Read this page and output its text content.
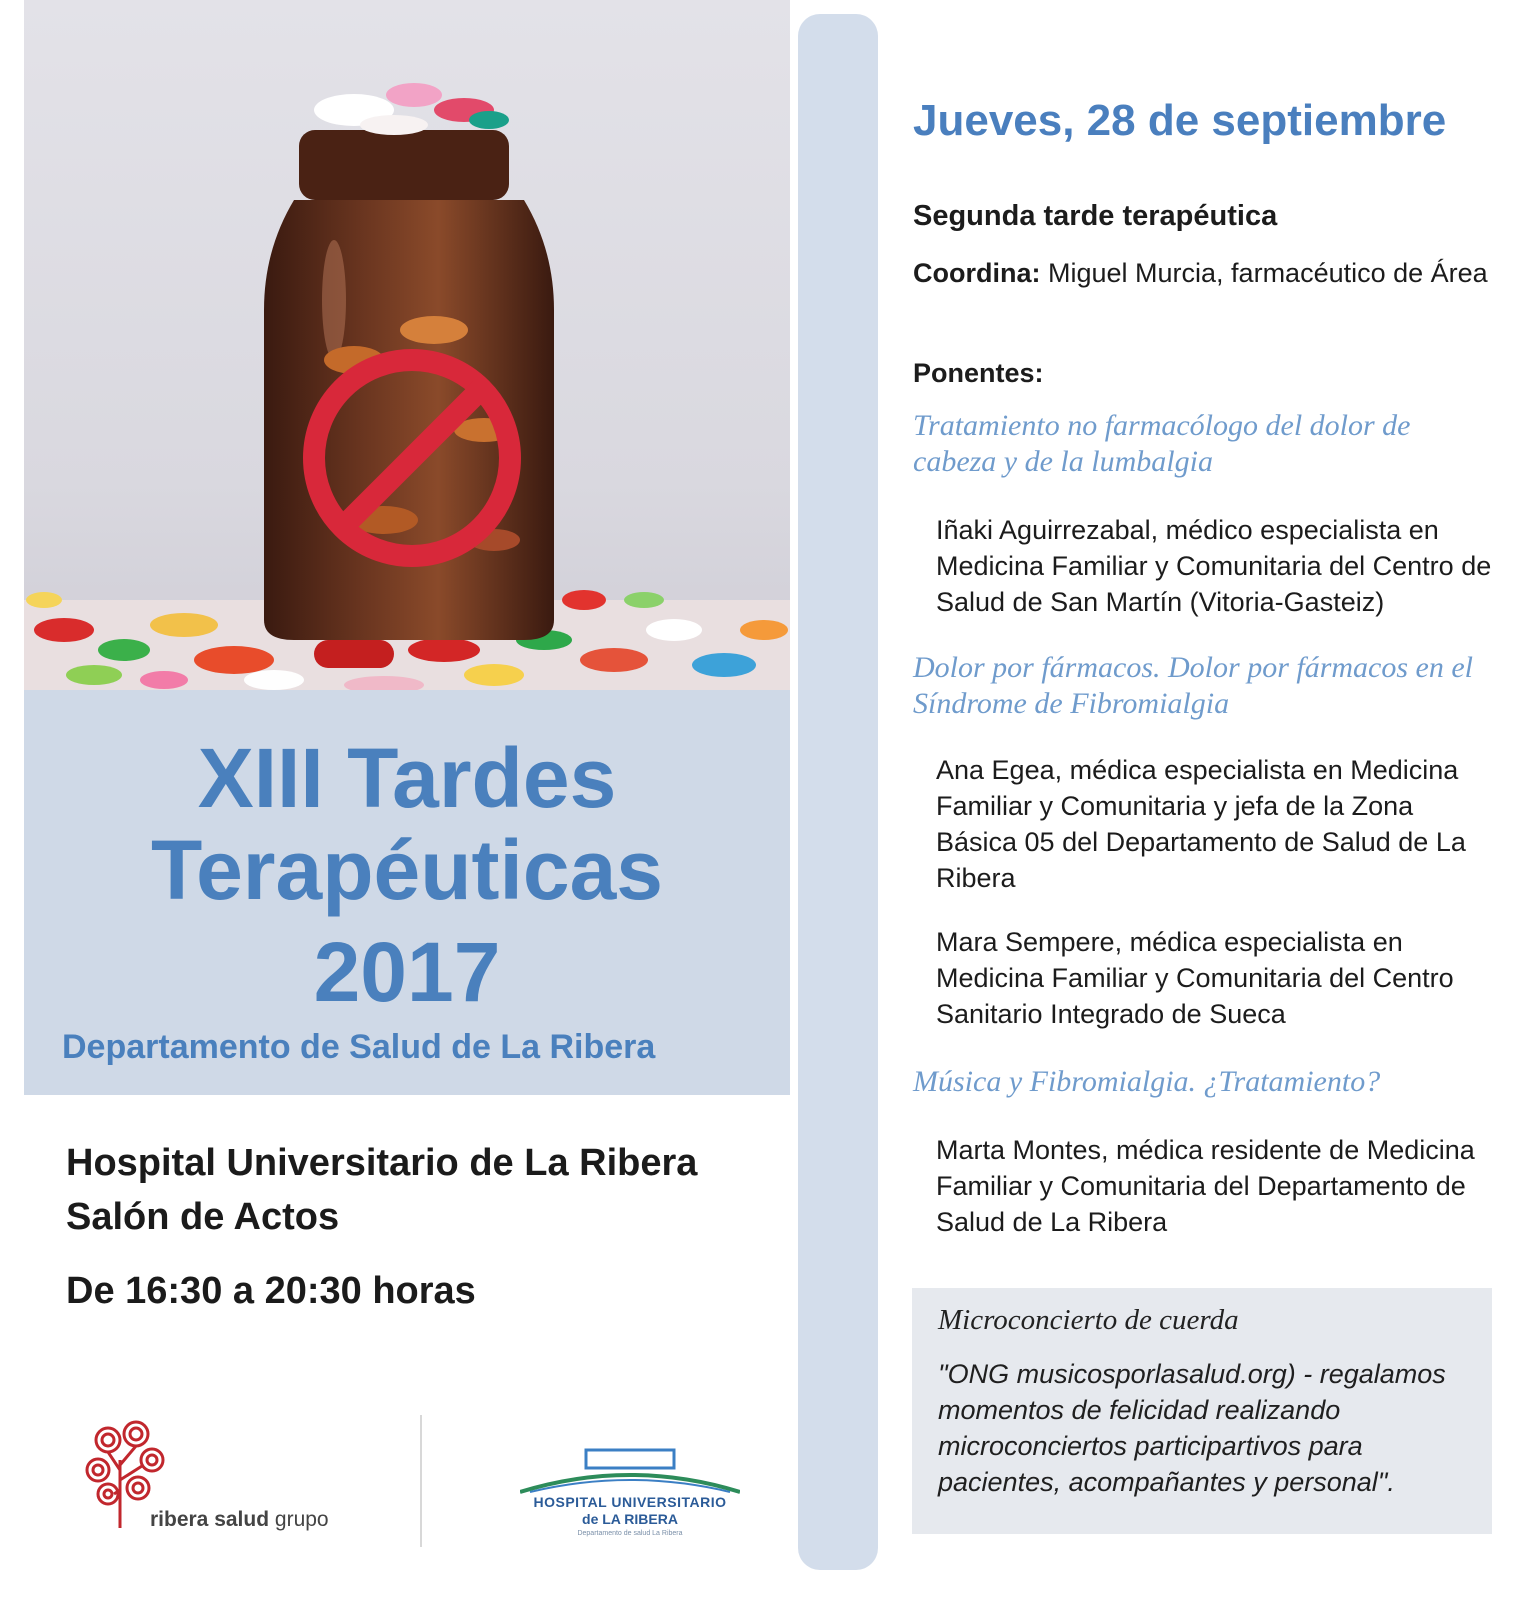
XIII Tardes
Terapéuticas
2017
Departamento de Salud de La Ribera
Hospital Universitario de La Ribera
Salón de Actos
De 16:30 a 20:30 horas
ribera salud grupo
HOSPITAL UNIVERSITARIO
de LA RIBERA
Departamento de salud La Ribera
Jueves, 28 de septiembre
Segunda tarde terapéutica
Coordina: Miguel Murcia, farmacéutico de Área
Ponentes:
Tratamiento no farmacólogo del dolor de cabeza y de la lumbalgia
Iñaki Aguirrezabal, médico especialista en Medicina Familiar y Comunitaria del Centro de Salud de San Martín (Vitoria-Gasteiz)
Dolor por fármacos. Dolor por fármacos en el Síndrome de Fibromialgia
Ana Egea, médica especialista en Medicina Familiar y Comunitaria y jefa de la Zona Básica 05 del Departamento de Salud de La Ribera
Mara Sempere, médica especialista en Medicina Familiar y Comunitaria del Centro Sanitario Integrado de Sueca
Música y Fibromialgia. ¿Tratamiento?
Marta Montes, médica residente de Medicina Familiar y Comunitaria del Departamento de Salud de La Ribera
Microconcierto de cuerda
"ONG musicosporlasalud.org) - regalamos momentos de felicidad realizando microconciertos participartivos para pacientes, acompañantes y personal".
